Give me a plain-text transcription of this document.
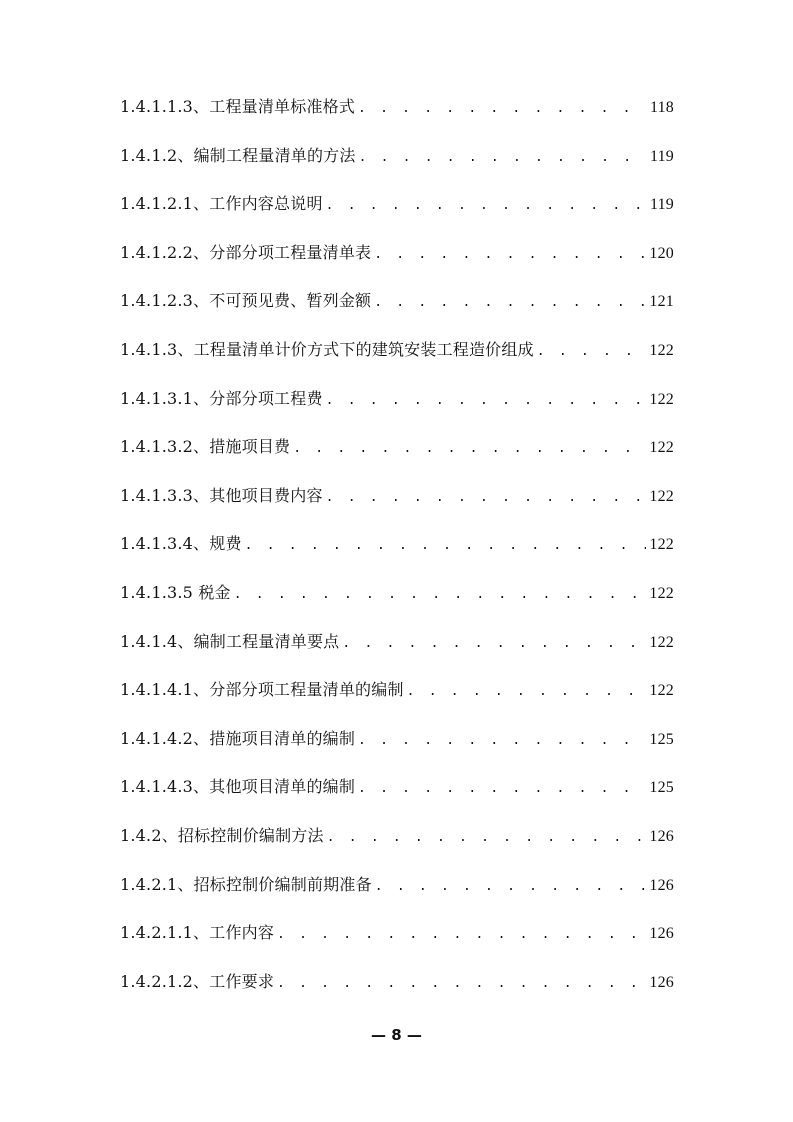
1.4.1.1.3、工程量清单标准格式 . . .	118
1.4.1.2、编制工程量清单的方法 . . .	119
1.4.1.2.1、工作内容总说明 . . .	119
1.4.1.2.2、分部分项工程量清单表 . . .	120
1.4.1.2.3、不可预见费、暂列金额 . . .	121
1.4.1.3、工程量清单计价方式下的建筑安装工程造价组成 . . .	122
1.4.1.3.1、分部分项工程费 . . .	122
1.4.1.3.2、措施项目费 . . .	122
1.4.1.3.3、其他项目费内容 . . .	122
1.4.1.3.4、规费 . . .	122
1.4.1.3.5 税金 . . .	122
1.4.1.4、编制工程量清单要点 . . .	122
1.4.1.4.1、分部分项工程量清单的编制 . . .	122
1.4.1.4.2、措施项目清单的编制 . . .	125
1.4.1.4.3、其他项目清单的编制 . . .	125
1.4.2、招标控制价编制方法 . . .	126
1.4.2.1、招标控制价编制前期准备 . . .	126
1.4.2.1.1、工作内容 . . .	126
1.4.2.1.2、工作要求 . . .	126
— 8 —
